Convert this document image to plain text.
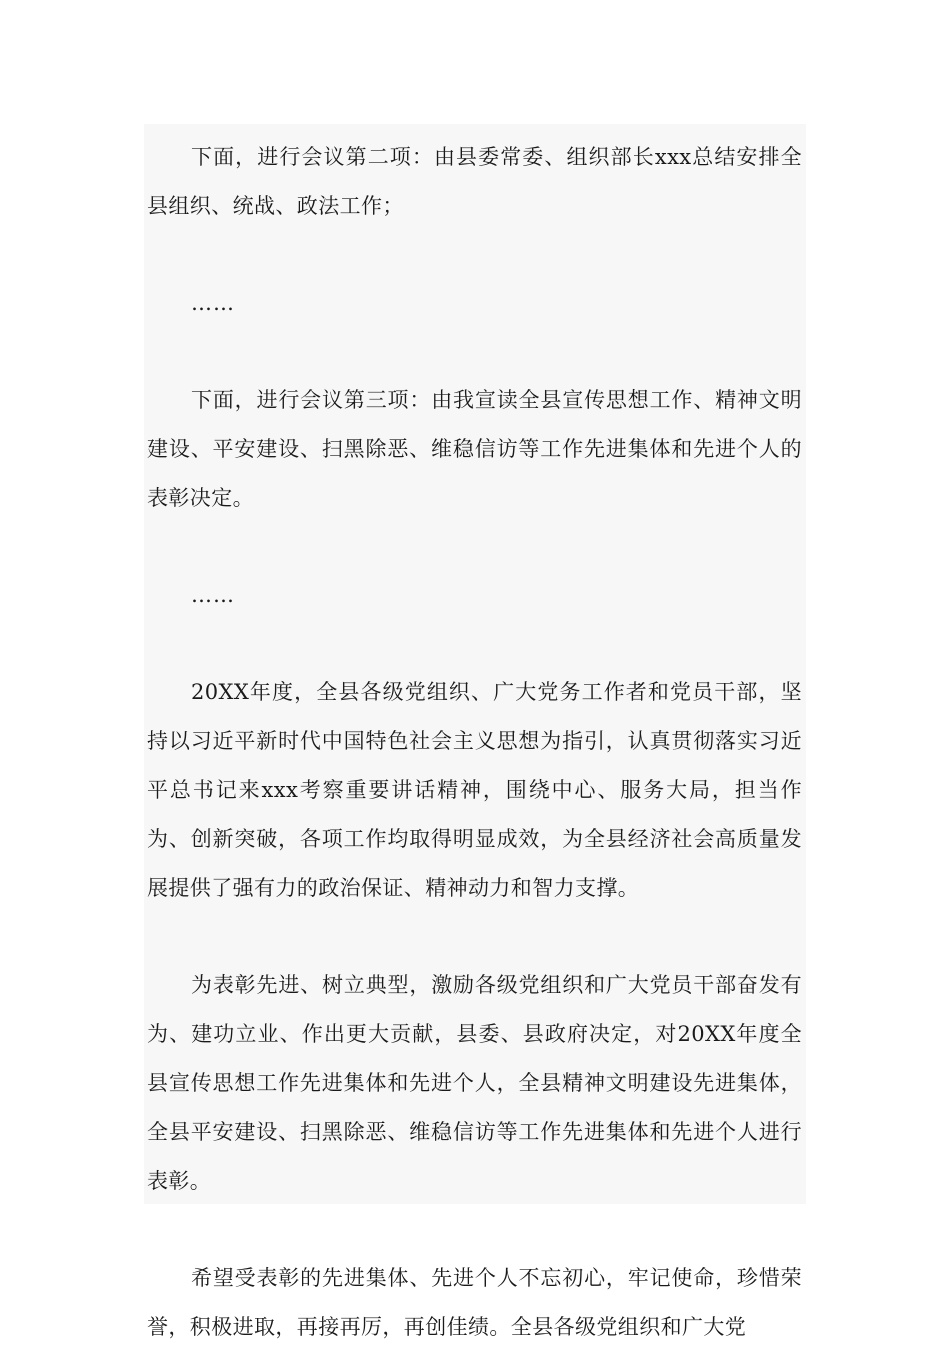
下面，进行会议第二项：由县委常委、组织部长xxx总结安排全县组织、统战、政法工作；

……

下面，进行会议第三项：由我宣读全县宣传思想工作、精神文明建设、平安建设、扫黑除恶、维稳信访等工作先进集体和先进个人的表彰决定。

……

20XX年度，全县各级党组织、广大党务工作者和党员干部，坚持以习近平新时代中国特色社会主义思想为指引，认真贯彻落实习近平总书记来xxx考察重要讲话精神，围绕中心、服务大局，担当作为、创新突破，各项工作均取得明显成效，为全县经济社会高质量发展提供了强有力的政治保证、精神动力和智力支撑。

为表彰先进、树立典型，激励各级党组织和广大党员干部奋发有为、建功立业、作出更大贡献，县委、县政府决定，对20XX年度全县宣传思想工作先进集体和先进个人，全县精神文明建设先进集体，全县平安建设、扫黑除恶、维稳信访等工作先进集体和先进个人进行表彰。

希望受表彰的先进集体、先进个人不忘初心，牢记使命，珍惜荣誉，积极进取，再接再厉，再创佳绩。全县各级党组织和广大党
